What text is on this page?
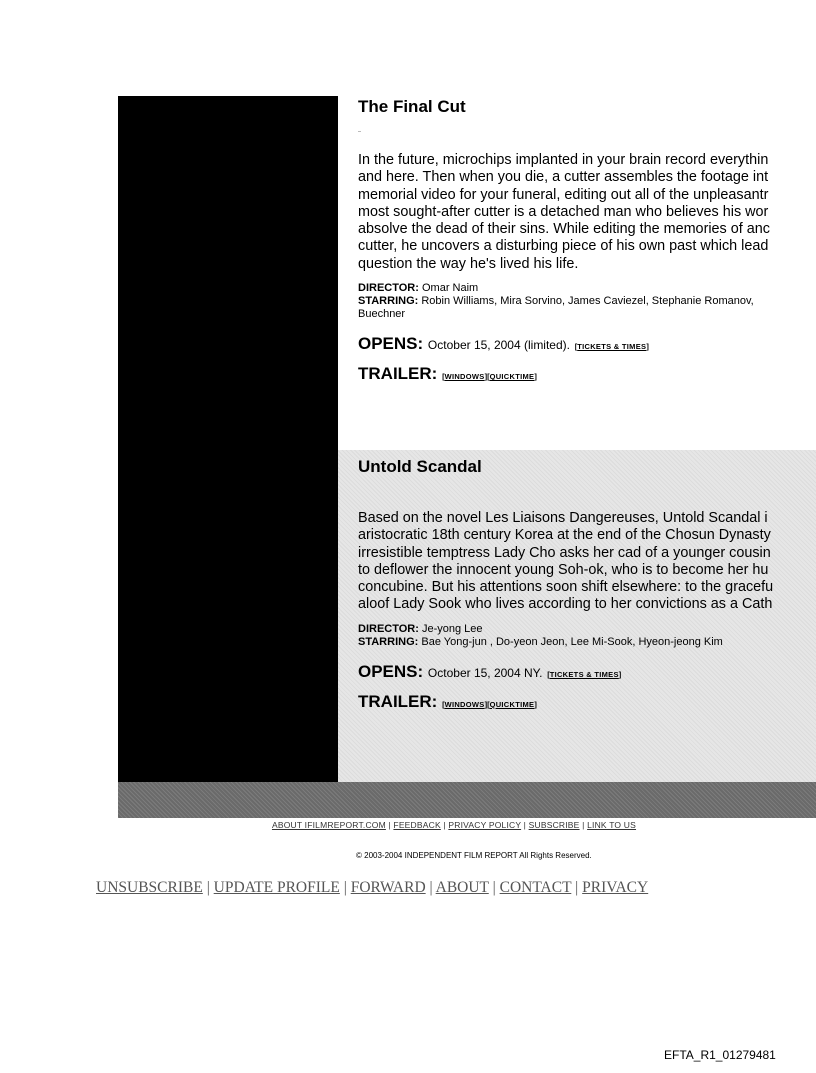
The Final Cut

In the future, microchips implanted in your brain record everythin

and here. Then when you die, a cutter assembles the footage int

memorial video for your funeral, editing out all of the unpleasantr

most sought-after cutter is a detached man who believes his wor

absolve the dead of their sins. While editing the memories of anc

cutter, he uncovers a disturbing piece of his own past which lead

question the way he's lived his life.

DIRECTOR: Omar Naim

STARRING: Robin Williams, Mira Sorvino, James Caviezel, Stephanie Romanov,

Buechner

OPENS: October 15, 2004 (limited). [TICKETS & TIMES]

TRAILER: [WINDOWS][QUICKTIME]

Untold Scandal

Based on the novel Les Liaisons Dangereuses, Untold Scandal i

aristocratic 18th century Korea at the end of the Chosun Dynasty

irresistible temptress Lady Cho asks her cad of a younger cousin

to deflower the innocent young Soh-ok, who is to become her hu

concubine. But his attentions soon shift elsewhere: to the gracefu

aloof Lady Sook who lives according to her convictions as a Cath

DIRECTOR: Je-yong Lee

STARRING: Bae Yong-jun , Do-yeon Jeon, Lee Mi-Sook, Hyeon-jeong Kim

OPENS: October 15, 2004 NY. [TICKETS & TIMES]

TRAILER: [WINDOWS][QUICKTIME]

ABOUT IFILMREPORT.COM | FEEDBACK | PRIVACY POLICY | SUBSCRIBE | LINK TO US
© 2003-2004 INDEPENDENT FILM REPORT All Rights Reserved.
UNSUBSCRIBE | UPDATE PROFILE | FORWARD | ABOUT | CONTACT | PRIVACY
EFTA_R1_01279481
